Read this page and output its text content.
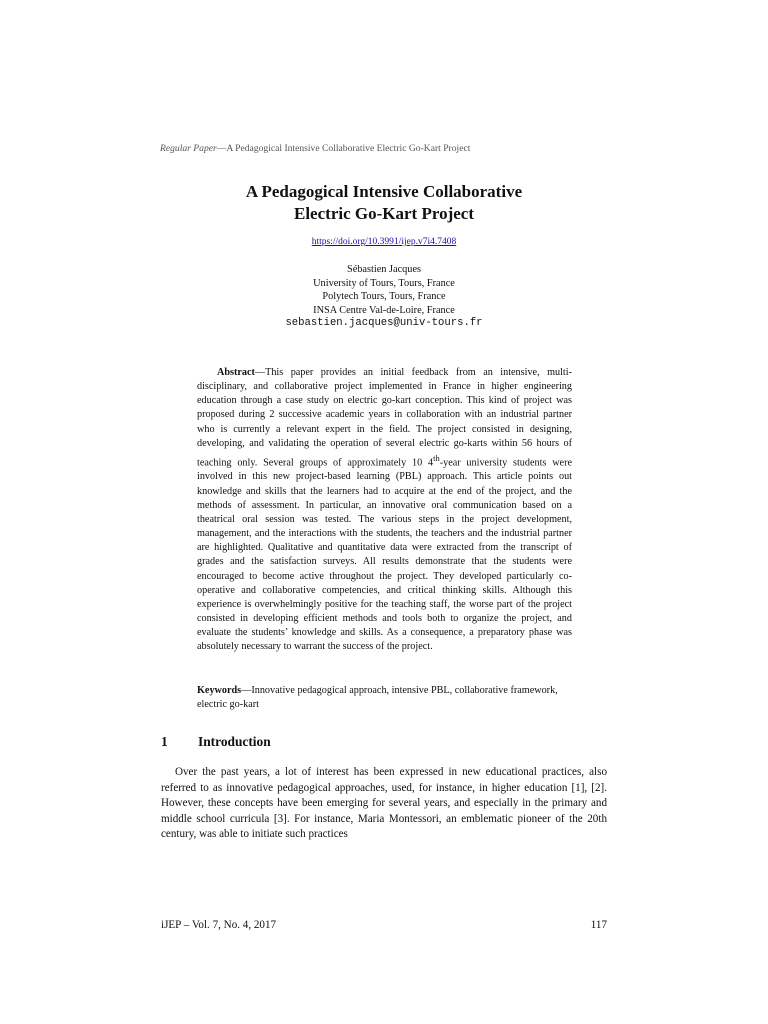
Regular Paper—A Pedagogical Intensive Collaborative Electric Go-Kart Project
A Pedagogical Intensive Collaborative
Electric Go-Kart Project
https://doi.org/10.3991/ijep.v7i4.7408
Sébastien Jacques
University of Tours, Tours, France
Polytech Tours, Tours, France
INSA Centre Val-de-Loire, France
sebastien.jacques@univ-tours.fr

Abstract—This paper provides an initial feedback from an intensive, multi-disciplinary, and collaborative project implemented in France in higher engineering education through a case study on electric go-kart conception. This kind of project was proposed during 2 successive academic years in collaboration with an industrial partner who is currently a relevant expert in the field. The project consisted in designing, developing, and validating the operation of several electric go-karts within 56 hours of teaching only. Several groups of approximately 10 4th-year university students were involved in this new project-based learning (PBL) approach. This article points out knowledge and skills that the learners had to acquire at the end of the project, and the methods of assessment. In particular, an innovative oral communication based on a theatrical oral session was tested. The various steps in the project development, management, and the interactions with the students, the teachers and the industrial partner are highlighted. Qualitative and quantitative data were extracted from the transcript of grades and the satisfaction surveys. All results demonstrate that the students were encouraged to become active throughout the project. They developed particularly co-operative and collaborative competencies, and critical thinking skills. Although this experience is overwhelmingly positive for the teaching staff, the worse part of the project consisted in developing efficient methods and tools both to organize the project, and evaluate the students’ knowledge and skills. As a consequence, a preparatory phase was absolutely necessary to warrant the success of the project.

Keywords—Innovative pedagogical approach, intensive PBL, collaborative framework, electric go-kart
1 Introduction

Over the past years, a lot of interest has been expressed in new educational practices, also referred to as innovative pedagogical approaches, used, for instance, in higher education [1], [2]. However, these concepts have been emerging for several years, and especially in the primary and middle school curricula [3]. For instance, Maria Montessori, an emblematic pioneer of the 20th century, was able to initiate such practices

iJEP – Vol. 7, No. 4, 2017	117
